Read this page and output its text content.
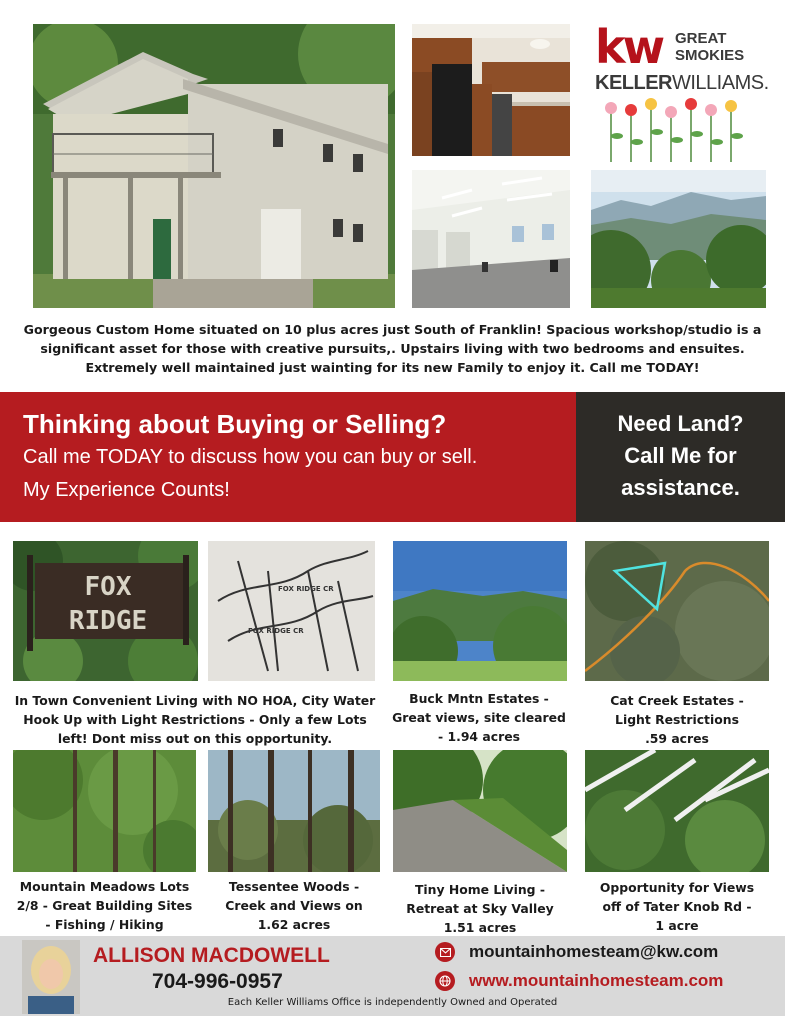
kw GREAT
SMOKIES
KELLERWILLIAMS.
Gorgeous Custom Home situated on 10 plus acres just South of Franklin! Spacious workshop/studio is a
significant asset for those with creative pursuits,. Upstairs living with two bedrooms and ensuites.
Extremely well maintained just wainting for its new Family to enjoy it. Call me TODAY!
Thinking about Buying or Selling?
Call me TODAY to discuss how you can buy or sell.
My Experience Counts!
Need Land?
Call Me for
assistance.
FOX
RIDGE
FOX RIDGE CR
FOX RIDGE CR
In Town Convenient Living with NO HOA, City Water
Hook Up with Light Restrictions - Only a few Lots
left! Dont miss out on this opportunity.
Buck Mntn Estates -
Great views, site cleared
- 1.94 acres
Cat Creek Estates -
Light Restrictions
.59 acres
Mountain Meadows Lots
2/8 - Great Building Sites
- Fishing / Hiking
Tessentee Woods -
Creek and Views on
1.62 acres
Tiny Home Living -
Retreat at Sky Valley
1.51 acres
Opportunity for Views
off of Tater Knob Rd -
1 acre
ALLISON MACDOWELL
704-996-0957
mountainhomesteam@kw.com
www.mountainhomesteam.com
Each Keller Williams Office is independently Owned and Operated
